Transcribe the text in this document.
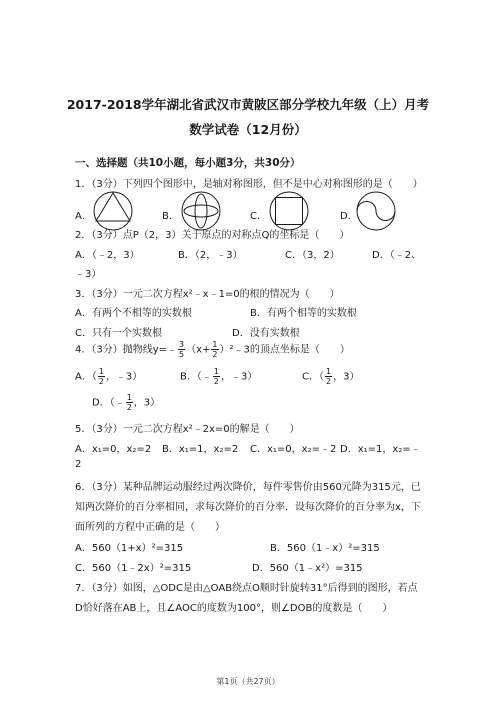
2017-2018学年湖北省武汉市黄陂区部分学校九年级（上）月考
数学试卷（12月份）
一、选择题（共10小题，每小题3分，共30分）
1．（3分）下列四个图形中，是轴对称图形，但不是中心对称图形的是（　　）
A．	B．	C．	D．
2．（3分）点P（2，3）关于原点的对称点Q的坐标是（　　）
A．（﹣2，3）	B．（2，﹣3）	C．（3，2）	D．（﹣2、
﹣3）
3．（3分）一元二次方程x²﹣x﹣1=0的根的情况为（　　）
A．有两个不相等的实数根	B．有两个相等的实数根
C．只有一个实数根	D．没有实数根
4．（3分）抛物线y=﹣ $\frac{3}{5} (x+ \frac{1}{2}$ ）²﹣3的顶点坐标是（　　）
A．（ $\frac{1}{2}$ ，﹣3）	B．（﹣ $\frac{1}{2}$ ，﹣3）	C．（ $\frac{1}{2}$ ，3）
D．（﹣ $\frac{1}{2}$ ，3）
5．（3分）一元二次方程x²﹣2x=0的解是（　　）
A．x₁=0，x₂=2 B．x₁=1，x₂=2 C．x₁=0，x₂=﹣2 D．x₁=1，x₂=﹣
2
6．（3分）某种品牌运动服经过两次降价，每件零售价由560元降为315元，已
知两次降价的百分率相同，求每次降价的百分率．设每次降价的百分率为x，下
面所列的方程中正确的是（　　）
A．560（1+x）²=315	B．560（1﹣x）²=315
C．560（1﹣2x）²=315	D．560（1﹣x²）=315
7．（3分）如图，△ODC是由△OAB绕点O顺时针旋转31°后得到的图形，若点
D恰好落在AB上，且∠AOC的度数为100°，则∠DOB的度数是（　　）
第1页（共27页）
